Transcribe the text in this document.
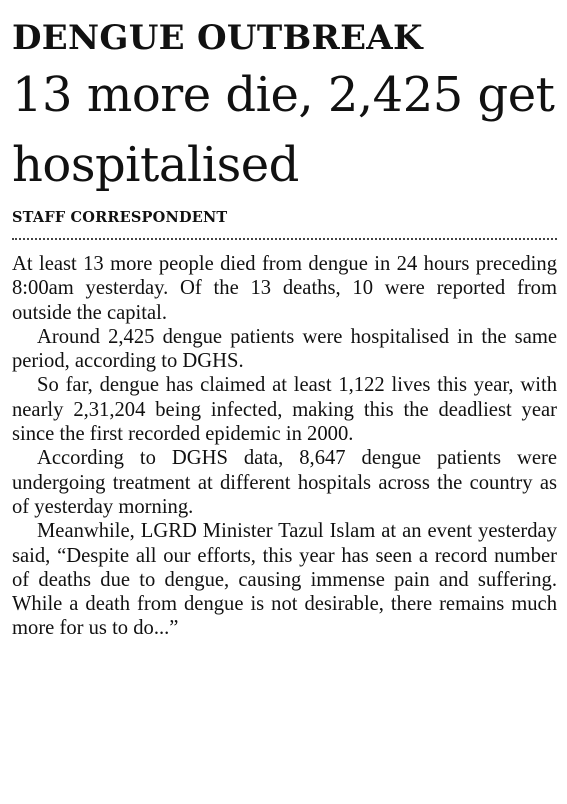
DENGUE OUTBREAK
13 more die, 2,425 get hospitalised
STAFF CORRESPONDENT

At least 13 more people died from dengue in 24 hours preceding 8:00am yesterday. Of the 13 deaths, 10 were reported from outside the capital.

Around 2,425 dengue patients were hospitalised in the same period, according to DGHS.

So far, dengue has claimed at least 1,122 lives this year, with nearly 2,31,204 being infected, making this the deadliest year since the first recorded epidemic in 2000.

According to DGHS data, 8,647 dengue patients were undergoing treatment at different hospitals across the country as of yesterday morning.

Meanwhile, LGRD Minister Tazul Islam at an event yesterday said, “Despite all our efforts, this year has seen a record number of deaths due to dengue, causing immense pain and suffering. While a death from dengue is not desirable, there remains much more for us to do...”
